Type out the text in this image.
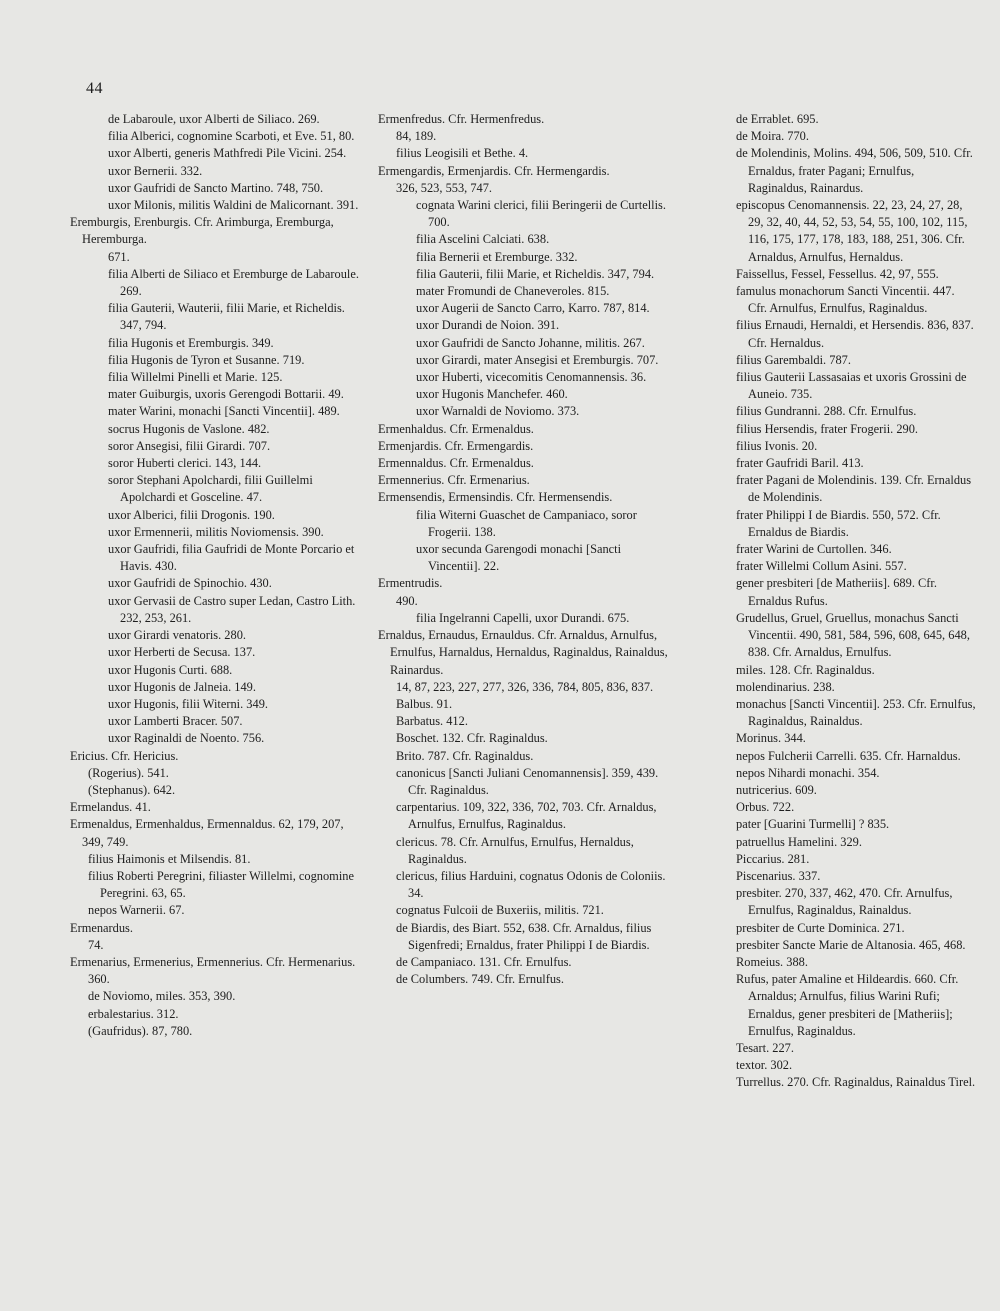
44
de Labaroule, uxor Alberti de Siliaco. 269.
filia Alberici, cognomine Scarboti, et Eve. 51, 80.
uxor Alberti, generis Mathfredi Pile Vicini. 254.
uxor Bernerii. 332.
uxor Gaufridi de Sancto Martino. 748, 750.
uxor Milonis, militis Waldini de Malicornant. 391.
Eremburgis, Erenburgis. Cfr. Arimburga, Eremburga, Heremburga.
671.
filia Alberti de Siliaco et Eremburge de Labaroule. 269.
filia Gauterii, Wauterii, filii Marie, et Richeldis. 347, 794.
filia Hugonis et Eremburgis. 349.
filia Hugonis de Tyron et Susanne. 719.
filia Willelmi Pinelli et Marie. 125.
mater Guiburgis, uxoris Gerengodi Bottarii. 49.
mater Warini, monachi [Sancti Vincentii]. 489.
socrus Hugonis de Vaslone. 482.
soror Ansegisi, filii Girardi. 707.
soror Huberti clerici. 143, 144.
soror Stephani Apolchardi, filii Guillelmi Apolchardi et Gosceline. 47.
uxor Alberici, filii Drogonis. 190.
uxor Ermennerii, militis Noviomensis. 390.
uxor Gaufridi, filia Gaufridi de Monte Porcario et Havis. 430.
uxor Gaufridi de Spinochio. 430.
uxor Gervasii de Castro super Ledan, Castro Lith. 232, 253, 261.
uxor Girardi venatoris. 280.
uxor Herberti de Secusa. 137.
uxor Hugonis Curti. 688.
uxor Hugonis de Jalneia. 149.
uxor Hugonis, filii Witerni. 349.
uxor Lamberti Bracer. 507.
uxor Raginaldi de Noento. 756.
Ericius. Cfr. Hericius.
(Rogerius). 541.
(Stephanus). 642.
Ermelandus. 41.
Ermenaldus, Ermenhaldus, Ermennaldus. 62, 179, 207, 349, 749.
filius Haimonis et Milsendis. 81.
filius Roberti Peregrini, filiaster Willelmi, cognomine Peregrini. 63, 65.
nepos Warnerii. 67.
Ermenardus.
74.
Ermenarius, Ermenerius, Ermennerius. Cfr. Hermenarius.
360.
de Noviomo, miles. 353, 390.
erbalestarius. 312.
(Gaufridus). 87, 780.
Ermenfredus. Cfr. Hermenfredus.
84, 189.
filius Leogisili et Bethe. 4.
Ermengardis, Ermenjardis. Cfr. Hermengardis.
326, 523, 553, 747.
cognata Warini clerici, filii Beringerii de Curtellis. 700.
filia Ascelini Calciati. 638.
filia Bernerii et Eremburge. 332.
filia Gauterii, filii Marie, et Richeldis. 347, 794.
mater Fromundi de Chaneveroles. 815.
uxor Augerii de Sancto Carro, Karro. 787, 814.
uxor Durandi de Noion. 391.
uxor Gaufridi de Sancto Johanne, militis. 267.
uxor Girardi, mater Ansegisi et Eremburgis. 707.
uxor Huberti, vicecomitis Cenomannensis. 36.
uxor Hugonis Manchefer. 460.
uxor Warnaldi de Noviomo. 373.
Ermenhaldus. Cfr. Ermenaldus.
Ermenjardis. Cfr. Ermengardis.
Ermennaldus. Cfr. Ermenaldus.
Ermennerius. Cfr. Ermenarius.
Ermensendis, Ermensindis. Cfr. Hermensendis.
filia Witerni Guaschet de Campaniaco, soror Frogerii. 138.
uxor secunda Garengodi monachi [Sancti Vincentii]. 22.
Ermentrudis.
490.
filia Ingelranni Capelli, uxor Durandi. 675.
Ernaldus, Ernaudus, Ernauldus. Cfr. Arnaldus, Arnulfus, Ernulfus, Harnaldus, Hernaldus, Raginaldus, Rainaldus, Rainardus.
14, 87, 223, 227, 277, 326, 336, 784, 805, 836, 837.
Balbus. 91.
Barbatus. 412.
Boschet. 132. Cfr. Raginaldus.
Brito. 787. Cfr. Raginaldus.
canonicus [Sancti Juliani Cenomannensis]. 359, 439. Cfr. Raginaldus.
carpentarius. 109, 322, 336, 702, 703. Cfr. Arnaldus, Arnulfus, Ernulfus, Raginaldus.
clericus. 78. Cfr. Arnulfus, Ernulfus, Hernaldus, Raginaldus.
clericus, filius Harduini, cognatus Odonis de Coloniis. 34.
cognatus Fulcoii de Buxeriis, militis. 721.
de Biardis, des Biart. 552, 638. Cfr. Arnaldus, filius Sigenfredi; Ernaldus, frater Philippi I de Biardis.
de Campaniaco. 131. Cfr. Ernulfus.
de Columbers. 749. Cfr. Ernulfus.
de Errablet. 695.
de Moira. 770.
de Molendinis, Molins. 494, 506, 509, 510. Cfr. Ernaldus, frater Pagani; Ernulfus, Raginaldus, Rainardus.
episcopus Cenomannensis. 22, 23, 24, 27, 28, 29, 32, 40, 44, 52, 53, 54, 55, 100, 102, 115, 116, 175, 177, 178, 183, 188, 251, 306. Cfr. Arnaldus, Arnulfus, Hernaldus.
Faissellus, Fessel, Fessellus. 42, 97, 555.
famulus monachorum Sancti Vincentii. 447. Cfr. Arnulfus, Ernulfus, Raginaldus.
filius Ernaudi, Hernaldi, et Hersendis. 836, 837. Cfr. Hernaldus.
filius Garembaldi. 787.
filius Gauterii Lassasaias et uxoris Grossini de Auneio. 735.
filius Gundranni. 288. Cfr. Ernulfus.
filius Hersendis, frater Frogerii. 290.
filius Ivonis. 20.
frater Gaufridi Baril. 413.
frater Pagani de Molendinis. 139. Cfr. Ernaldus de Molendinis.
frater Philippi I de Biardis. 550, 572. Cfr. Ernaldus de Biardis.
frater Warini de Curtollen. 346.
frater Willelmi Collum Asini. 557.
gener presbiteri [de Matheriis]. 689. Cfr. Ernaldus Rufus.
Grudellus, Gruel, Gruellus, monachus Sancti Vincentii. 490, 581, 584, 596, 608, 645, 648, 838. Cfr. Arnaldus, Ernulfus.
miles. 128. Cfr. Raginaldus.
molendinarius. 238.
monachus [Sancti Vincentii]. 253. Cfr. Ernulfus, Raginaldus, Rainaldus.
Morinus. 344.
nepos Fulcherii Carrelli. 635. Cfr. Harnaldus.
nepos Nihardi monachi. 354.
nutricerius. 609.
Orbus. 722.
pater [Guarini Turmelli] ? 835.
patruellus Hamelini. 329.
Piccarius. 281.
Piscenarius. 337.
presbiter. 270, 337, 462, 470. Cfr. Arnulfus, Ernulfus, Raginaldus, Rainaldus.
presbiter de Curte Dominica. 271.
presbiter Sancte Marie de Altanosia. 465, 468.
Romeius. 388.
Rufus, pater Amaline et Hildeardis. 660. Cfr. Arnaldus; Arnulfus, filius Warini Rufi; Ernaldus, gener presbiteri de [Matheriis]; Ernulfus, Raginaldus.
Tesart. 227.
textor. 302.
Turrellus. 270. Cfr. Raginaldus, Rainaldus Tirel.
